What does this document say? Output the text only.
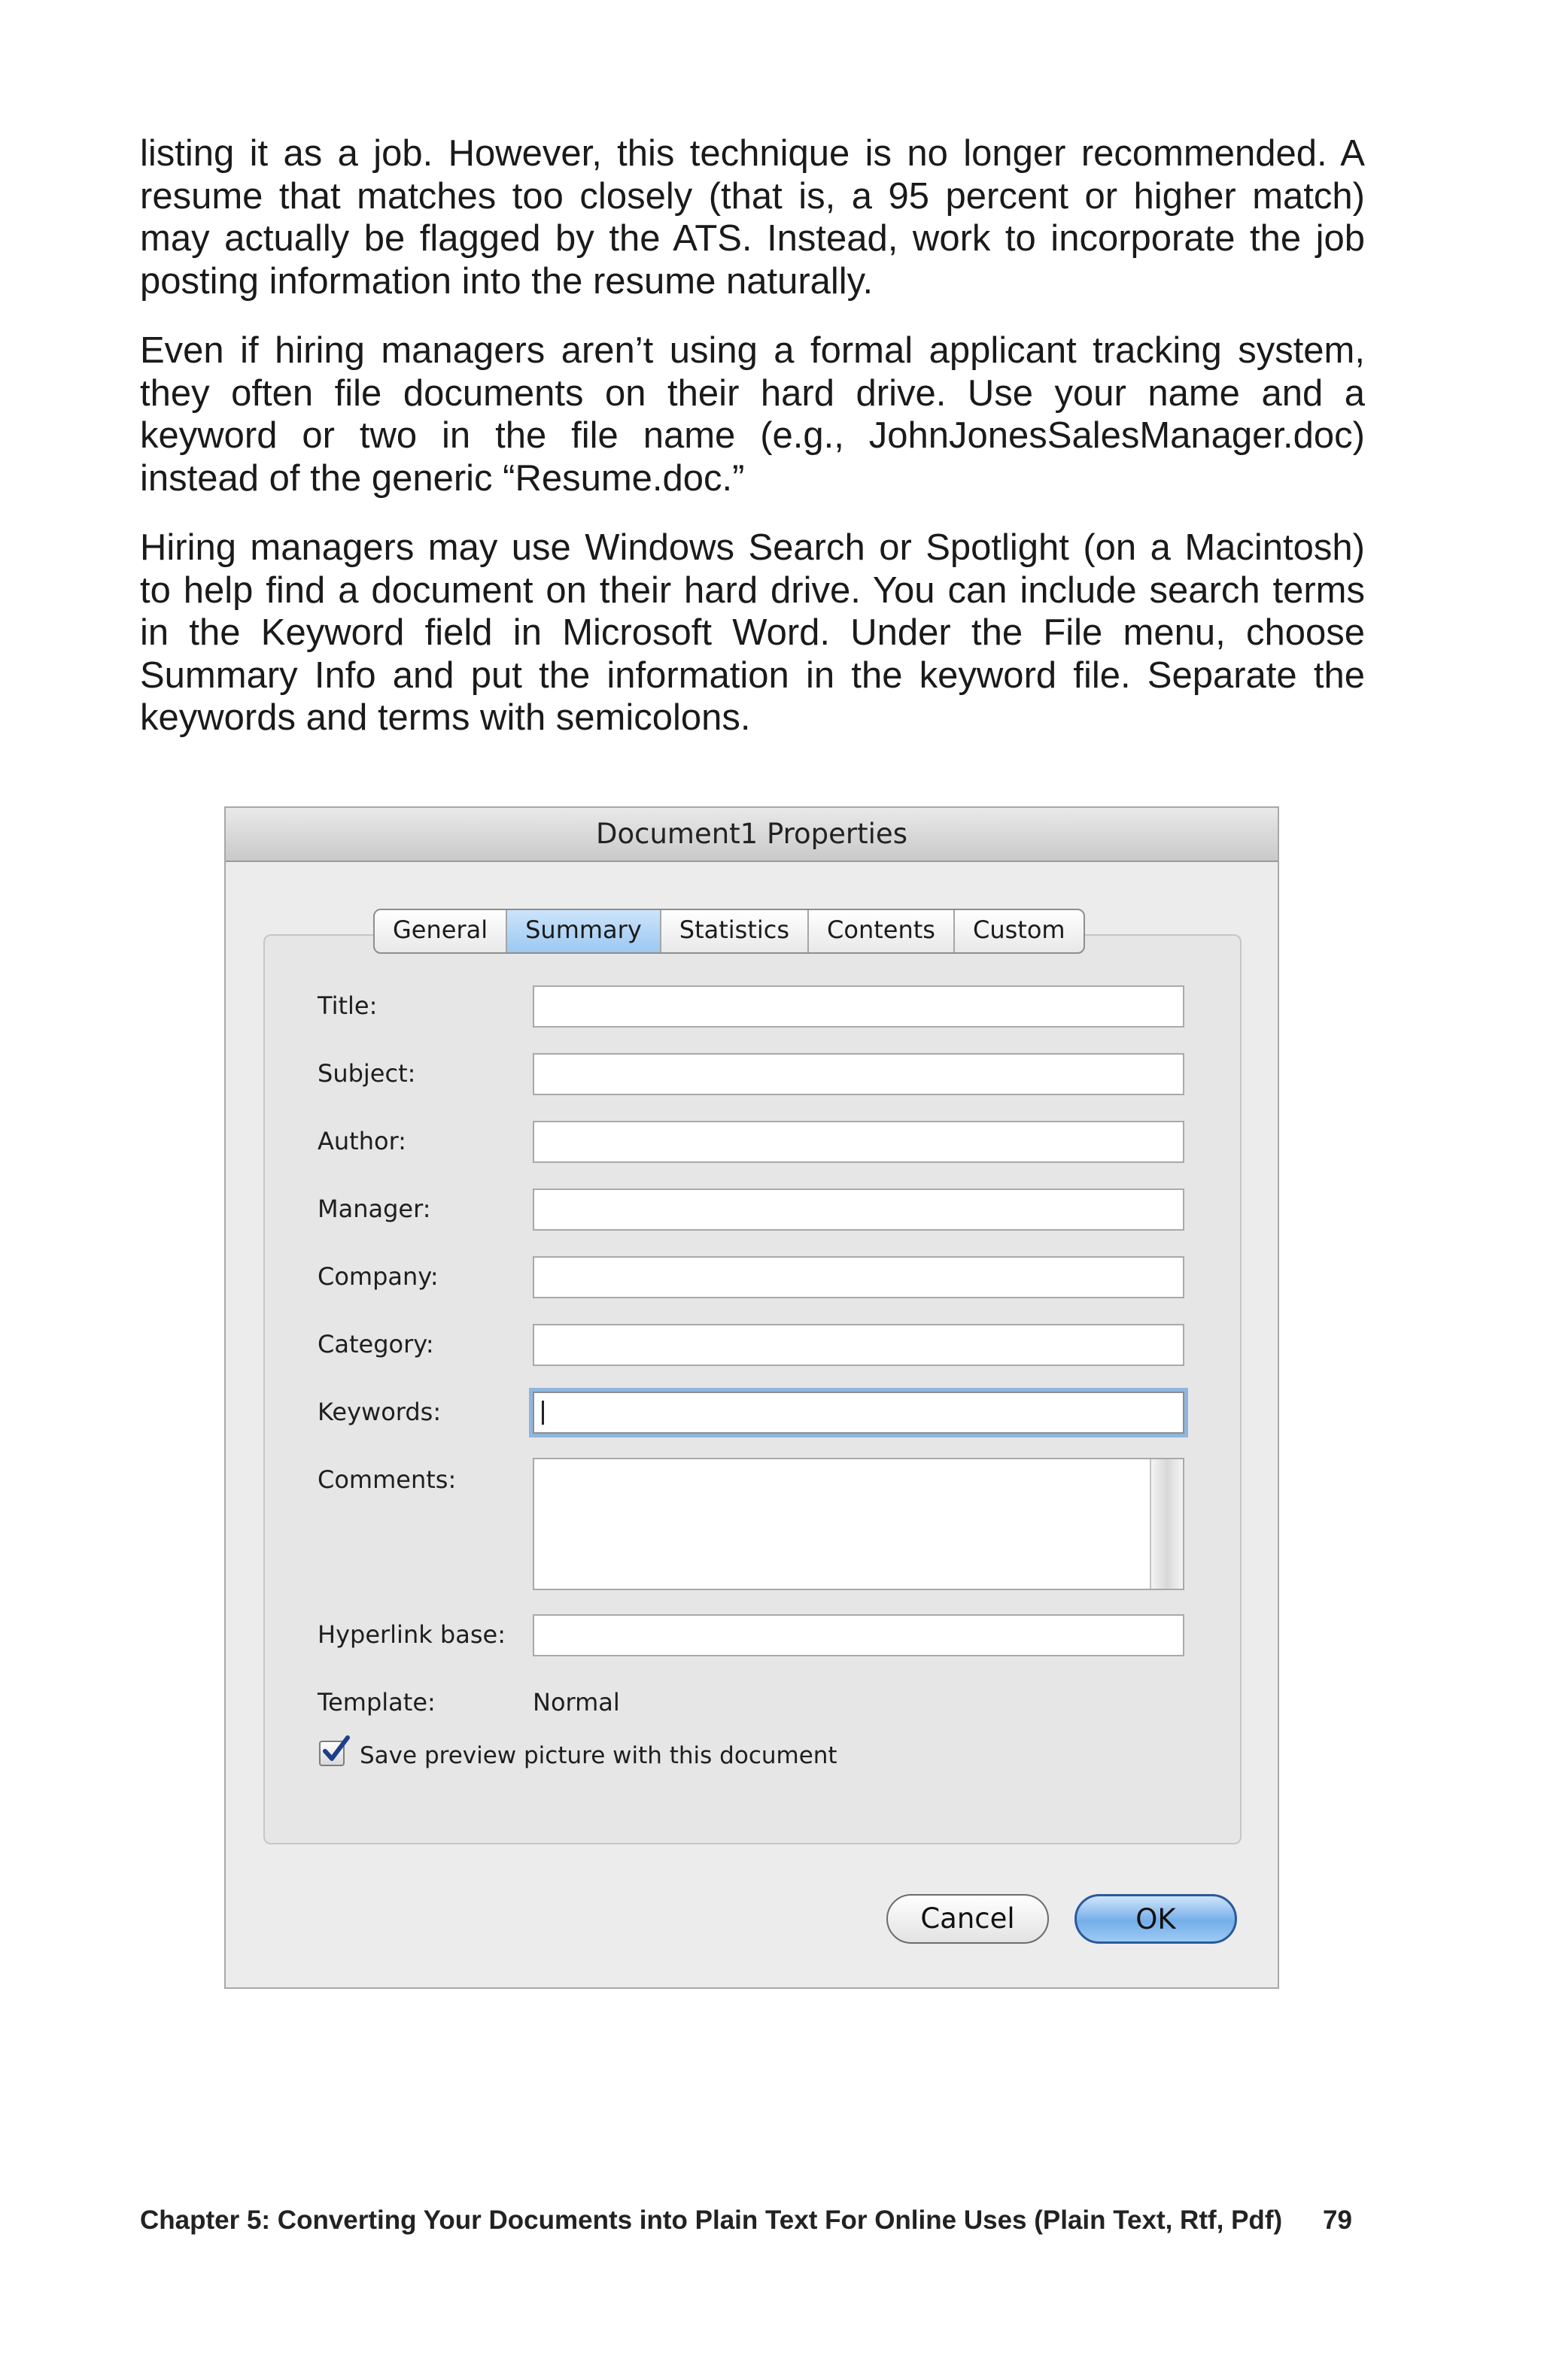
listing it as a job. However, this technique is no longer recommended. A resume that matches too closely (that is, a 95 percent or higher match) may actually be flagged by the ATS. Instead, work to incorporate the job posting information into the resume naturally.

Even if hiring managers aren’t using a formal applicant tracking system, they often file documents on their hard drive. Use your name and a keyword or two in the file name (e.g., JohnJonesSalesManager.doc) instead of the generic “Resume.doc.”

Hiring managers may use Windows Search or Spotlight (on a Macintosh) to help find a document on their hard drive. You can include search terms in the Keyword field in Microsoft Word. Under the File menu, choose Summary Info and put the information in the keyword file. Separate the keywords and terms with semicolons.

Document1 Properties
General	Summary	Statistics	Contents	Custom
Title:
Subject:
Author:
Manager:
Company:
Category:
Keywords:
Comments:
Hyperlink base:
Template:	Normal
Save preview picture with this document
Cancel	OK
Chapter 5: Converting Your Documents into Plain Text For Online Uses (Plain Text, Rtf, Pdf) 79
